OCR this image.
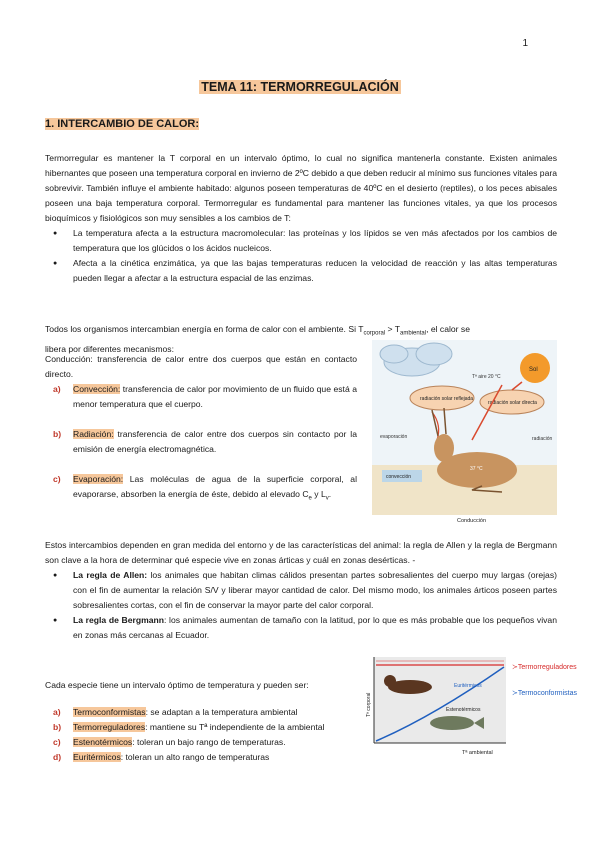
1
TEMA 11: TERMORREGULACIÓN
1. INTERCAMBIO DE CALOR:

Termorregular es mantener la T corporal en un intervalo óptimo, lo cual no significa mantenerla constante. Existen animales hibernantes que poseen una temperatura corporal en invierno de 2ºC debido a que deben reducir al mínimo sus funciones vitales para sobrevivir. También influye el ambiente habitado: algunos poseen temperaturas de 40ºC en el desierto (reptiles), o los peces abisales poseen una baja temperatura corporal. Termorregular es fundamental para mantener las funciones vitales, ya que los procesos bioquímicos y fisiológicos son muy sensibles a los cambios de T:

● La temperatura afecta a la estructura macromolecular: las proteínas y los lípidos se ven más afectados por los cambios de temperatura que los glúcidos o los ácidos nucleicos.
● Afecta a la cinética enzimática, ya que las bajas temperaturas reducen la velocidad de reacción y las altas temperaturas pueden llegar a afectar a la estructura espacial de las enzimas.
Todos los organismos intercambian energía en forma de calor con el ambiente. Si $T_{corporal} > T_{ambiental}$, el calor se
libera por diferentes mecanismos:

Conducción: transferencia de calor entre dos cuerpos que están en contacto directo.

a) Convección: transferencia de calor por movimiento de un fluido que está a menor temperatura que el cuerpo.
b) Radiación: transferencia de calor entre dos cuerpos sin contacto por la emisión de energía electromagnética.
c) Evaporación: Las moléculas de agua de la superficie corporal, al evaporarse, absorben la energía de éste, debido al elevado $C_e$ y $L_v$.
Sol
Tª aire 20 °C
radiación solar reflejada
radiación solar directa
evaporación	radiación
37 °C
convección
Conducción

Estos intercambios dependen en gran medida del entorno y de las características del animal: la regla de Allen y la regla de Bergmann son clave a la hora de determinar qué especie vive en zonas árticas y cuál en zonas desérticas. -

● La regla de Allen: los animales que habitan climas cálidos presentan partes sobresalientes del cuerpo muy largas (orejas) con el fin de aumentar la relación S/V y liberar mayor cantidad de calor. Del mismo modo, los animales árticos poseen partes sobresalientes cortas, con el fin de conservar la mayor parte del calor corporal.
● La regla de Bergmann: los animales aumentan de tamaño con la latitud, por lo que es más probable que los pequeños vivan en zonas más cercanas al Ecuador.
Cada especie tiene un intervalo óptimo de temperatura y pueden ser:
a) Termoconformistas: se adaptan a la temperatura ambiental
b) Termorreguladores: mantiene su Tª independiente de la ambiental
c) Estenotérmicos: toleran un bajo rango de temperaturas.
d) Euritérmicos: toleran un alto rango de temperaturas
Euritérmicos
Estenotérmicos
Tª corporal
Tª ambiental
≻Termorreguladores
≻Termoconformistas
